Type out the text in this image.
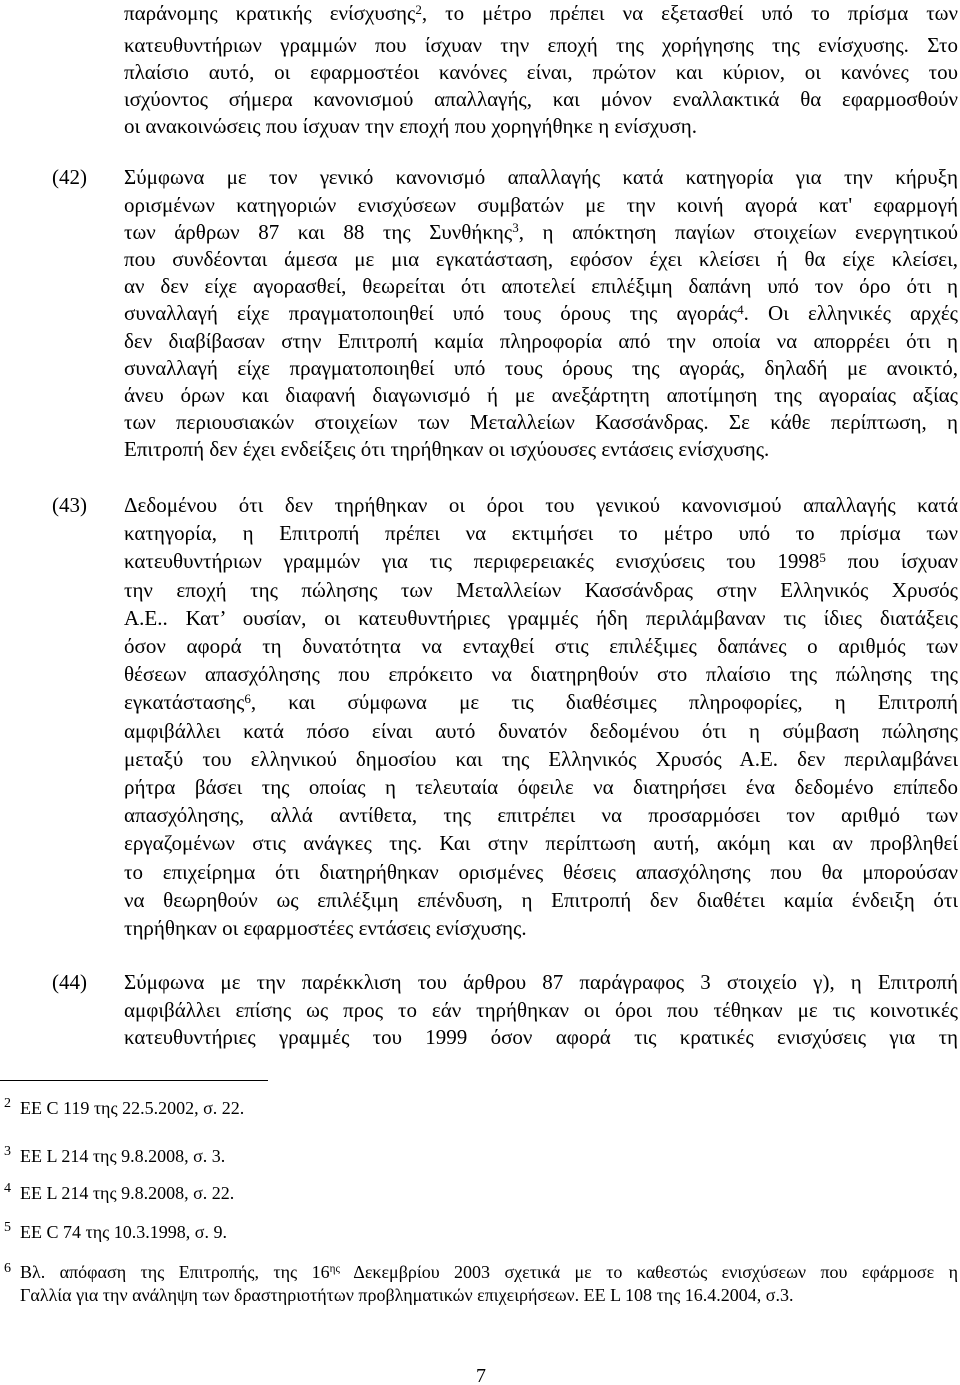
παράνομης κρατικής ενίσχυσης$^2$, το μέτρο πρέπει να εξετασθεί υπό το πρίσμα των
κατευθυντήριων γραμμών που ίσχυαν την εποχή της χορήγησης της ενίσχυσης. Στο
πλαίσιο αυτό, οι εφαρμοστέοι κανόνες είναι, πρώτον και κύριον, οι κανόνες του
ισχύοντος σήμερα κανονισμού απαλλαγής, και μόνον εναλλακτικά θα εφαρμοσθούν
οι ανακοινώσεις που ίσχυαν την εποχή που χορηγήθηκε η ενίσχυση.
(42) Σύμφωνα με τον γενικό κανονισμό απαλλαγής κατά κατηγορία για την κήρυξη
ορισμένων κατηγοριών ενισχύσεων συμβατών με την κοινή αγορά κατ' εφαρμογή
των άρθρων 87 και 88 της Συνθήκης$^3$, η απόκτηση παγίων στοιχείων ενεργητικού
που συνδέονται άμεσα με μια εγκατάσταση, εφόσον έχει κλείσει ή θα είχε κλείσει,
αν δεν είχε αγορασθεί, θεωρείται ότι αποτελεί επιλέξιμη δαπάνη υπό τον όρο ότι η
συναλλαγή είχε πραγματοποιηθεί υπό τους όρους της αγοράς$^4$. Οι ελληνικές αρχές
δεν διαβίβασαν στην Επιτροπή καμία πληροφορία από την οποία να απορρέει ότι η
συναλλαγή είχε πραγματοποιηθεί υπό τους όρους της αγοράς, δηλαδή με ανοικτό,
άνευ όρων και διαφανή διαγωνισμό ή με ανεξάρτητη αποτίμηση της αγοραίας αξίας
των περιουσιακών στοιχείων των Μεταλλείων Κασσάνδρας. Σε κάθε περίπτωση, η
Επιτροπή δεν έχει ενδείξεις ότι τηρήθηκαν οι ισχύουσες εντάσεις ενίσχυσης.
(43) Δεδομένου ότι δεν τηρήθηκαν οι όροι του γενικού κανονισμού απαλλαγής κατά
κατηγορία, η Επιτροπή πρέπει να εκτιμήσει το μέτρο υπό το πρίσμα των
κατευθυντήριων γραμμών για τις περιφερειακές ενισχύσεις του 1998$^5$ που ίσχυαν
την εποχή της πώλησης των Μεταλλείων Κασσάνδρας στην Ελληνικός Χρυσός
Α.Ε.. Κατ’ ουσίαν, οι κατευθυντήριες γραμμές ήδη περιλάμβαναν τις ίδιες διατάξεις
όσον αφορά τη δυνατότητα να ενταχθεί στις επιλέξιμες δαπάνες ο αριθμός των
θέσεων απασχόλησης που επρόκειτο να διατηρηθούν στο πλαίσιο της πώλησης της
εγκατάστασης$^6$, και σύμφωνα με τις διαθέσιμες πληροφορίες, η Επιτροπή
αμφιβάλλει κατά πόσο είναι αυτό δυνατόν δεδομένου ότι η σύμβαση πώλησης
μεταξύ του ελληνικού δημοσίου και της Ελληνικός Χρυσός Α.Ε. δεν περιλαμβάνει
ρήτρα βάσει της οποίας η τελευταία όφειλε να διατηρήσει ένα δεδομένο επίπεδο
απασχόλησης, αλλά αντίθετα, της επιτρέπει να προσαρμόσει τον αριθμό των
εργαζομένων στις ανάγκες της. Και στην περίπτωση αυτή, ακόμη και αν προβληθεί
το επιχείρημα ότι διατηρήθηκαν ορισμένες θέσεις απασχόλησης που θα μπορούσαν
να θεωρηθούν ως επιλέξιμη επένδυση, η Επιτροπή δεν διαθέτει καμία ένδειξη ότι
τηρήθηκαν οι εφαρμοστέες εντάσεις ενίσχυσης.
(44) Σύμφωνα με την παρέκκλιση του άρθρου 87 παράγραφος 3 στοιχείο γ), η Επιτροπή
αμφιβάλλει επίσης ως προς το εάν τηρήθηκαν οι όροι που τέθηκαν με τις κοινοτικές
κατευθυντήριες γραμμές του 1999 όσον αφορά τις κρατικές ενισχύσεις για τη
2 ΕΕ C 119 της 22.5.2002, σ. 22.
3 ΕΕ L 214 της 9.8.2008, σ. 3.
4 ΕΕ L 214 της 9.8.2008, σ. 22.
5 ΕΕ C 74 της 10.3.1998, σ. 9.
6 Βλ. απόφαση της Επιτροπής, της $16^{\eta\varsigma}$ Δεκεμβρίου 2003 σχετικά με το καθεστώς ενισχύσεων που εφάρμοσε η
Γαλλία για την ανάληψη των δραστηριοτήτων προβληματικών επιχειρήσεων. ΕΕ L 108 της 16.4.2004, σ.3.
7
